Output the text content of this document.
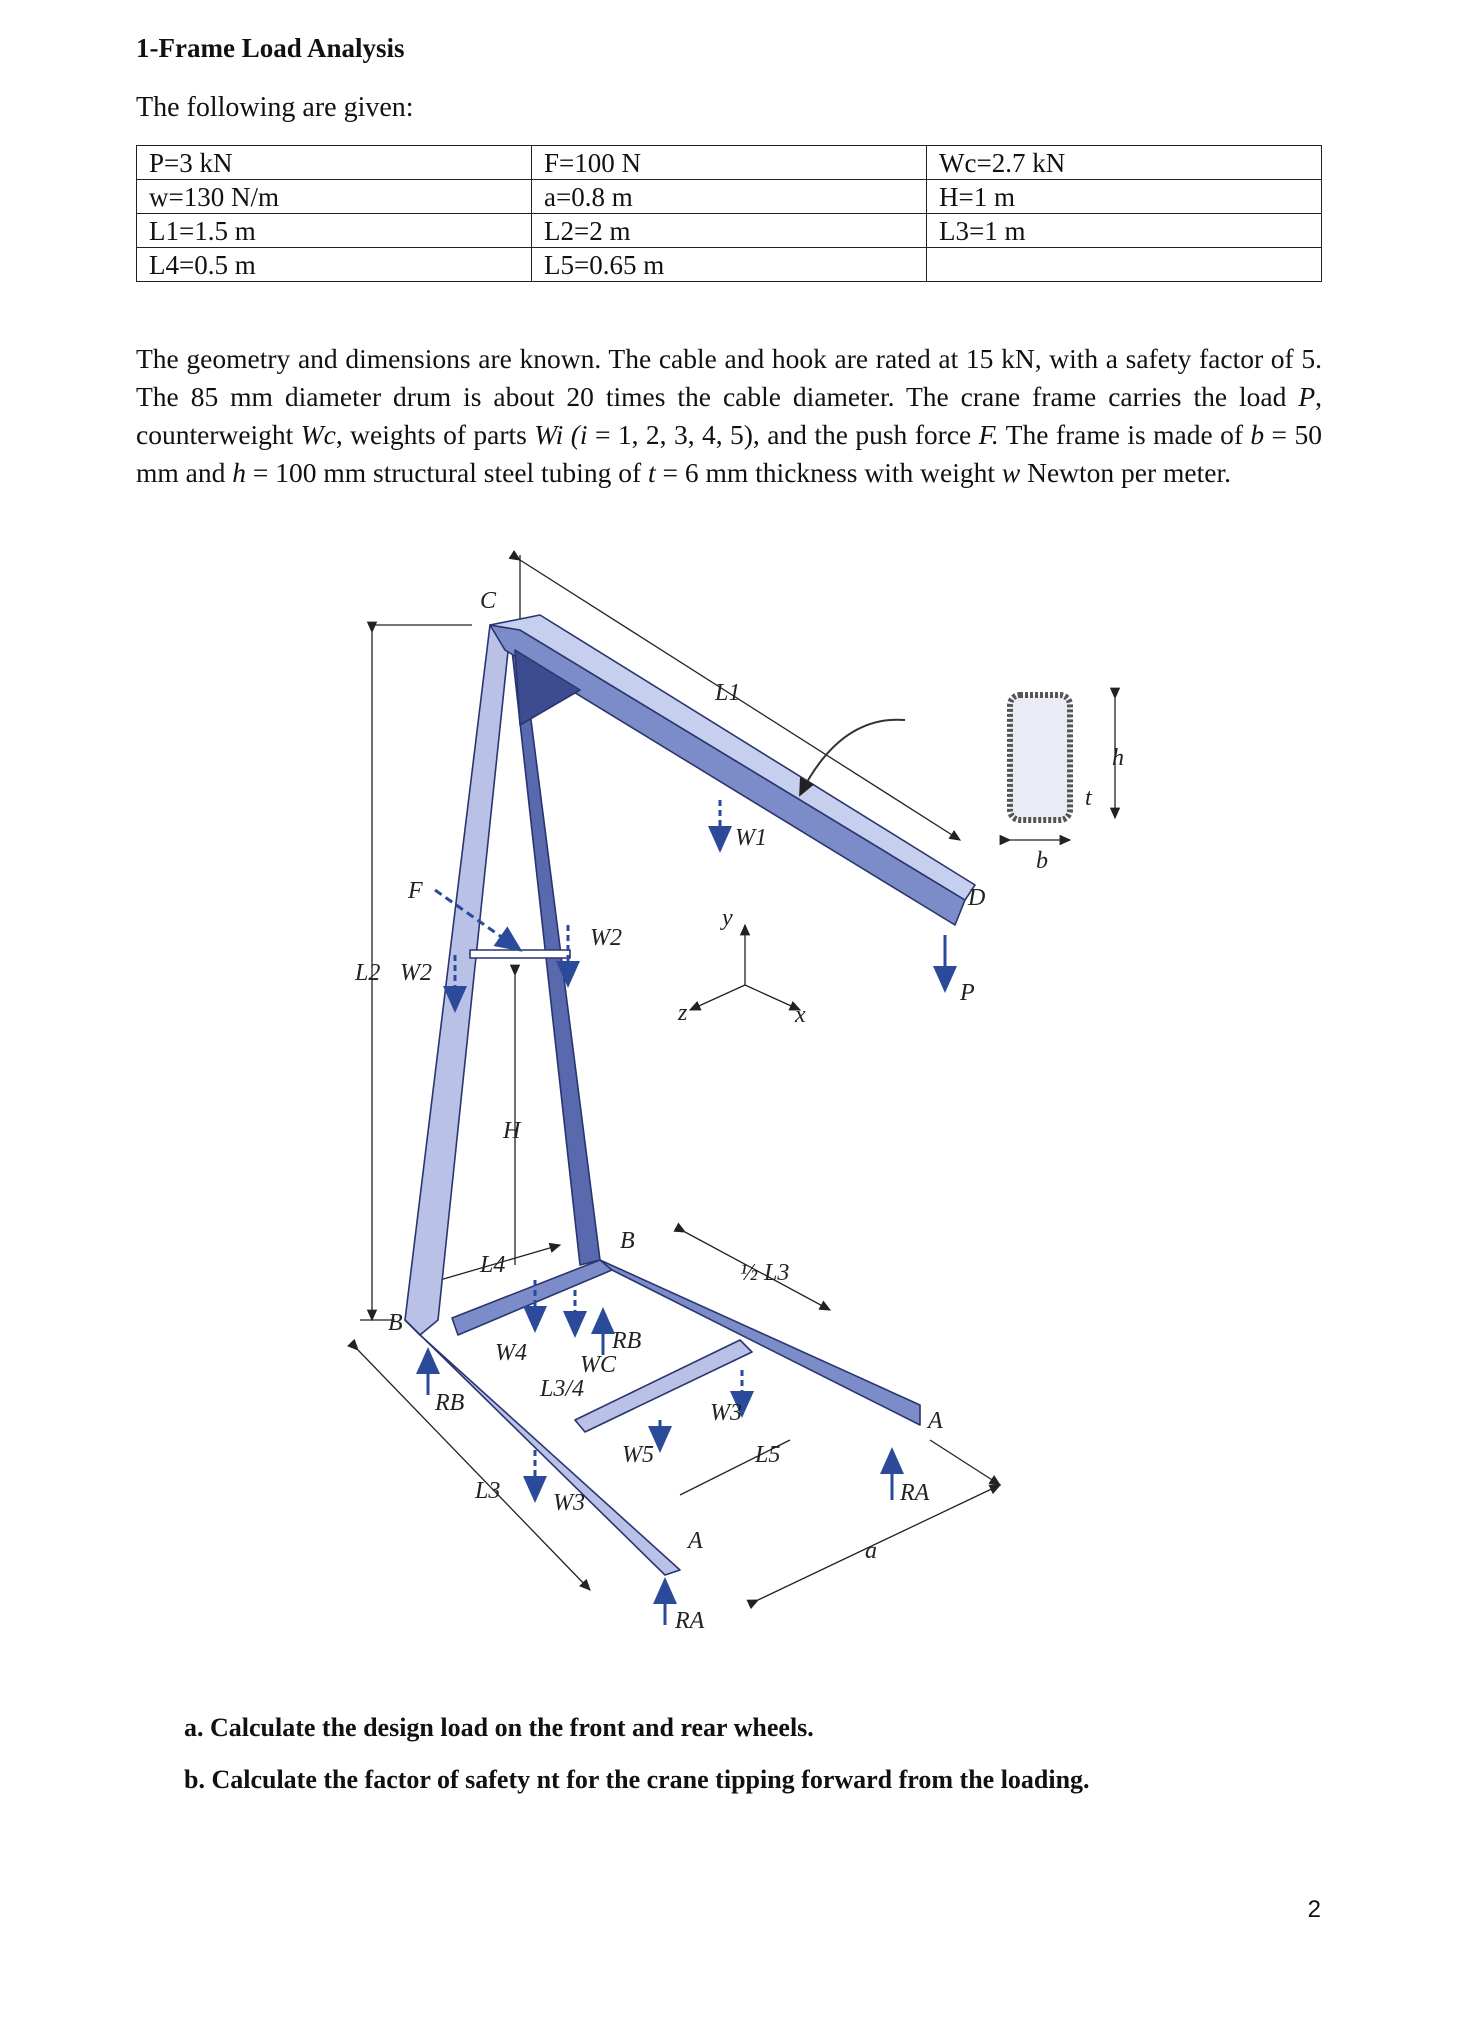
1-Frame Load Analysis

The following are given:

P=3 kN	F=100 N	Wc=2.7 kN
w=130 N/m	a=0.8 m	H=1 m
L1=1.5 m	L2=2 m	L3=1 m
L4=0.5 m	L5=0.65 m	

The geometry and dimensions are known. The cable and hook are rated at 15 kN, with a safety factor of 5. The 85 mm diameter drum is about 20 times the cable diameter. The crane frame carries the load P, counterweight Wc, weights of parts Wi (i = 1, 2, 3, 4, 5), and the push force F. The frame is made of b = 50 mm and h = 100 mm structural steel tubing of t = 6 mm thickness with weight w Newton per meter.

C
L1
W1
D
P
y
z	x
F
W2
L2 W2
H
L4
B
½ L3
B
RB
W4 WC
L3/4
RB	W3	A
W5	L5
RA
L3 W3
A	a
RA
h
t
b
a. Calculate the design load on the front and rear wheels.
b. Calculate the factor of safety nt for the crane tipping forward from the loading.
2
